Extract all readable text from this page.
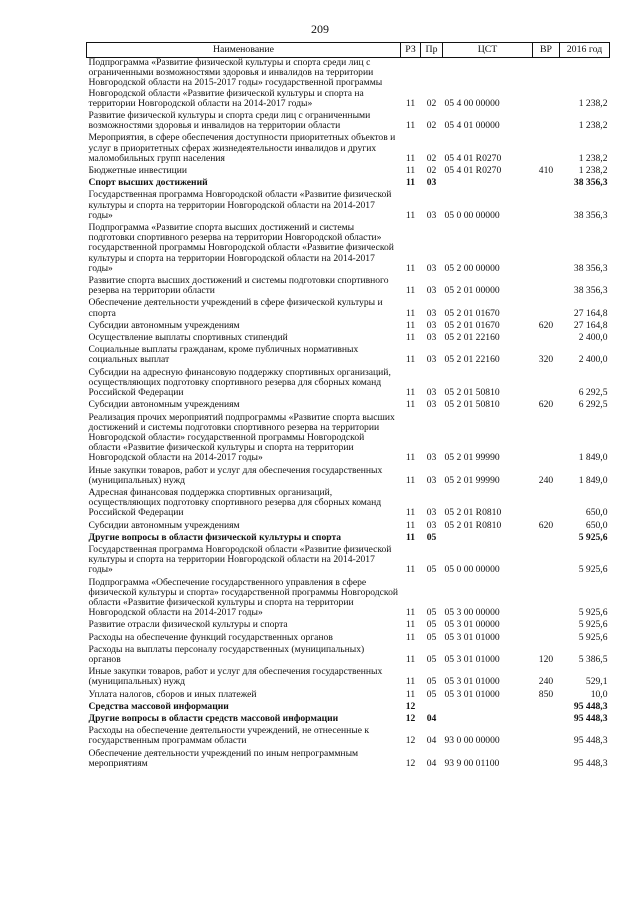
209
Наименование	РЗ	Пр	ЦСТ	ВР	2016 год
Подпрограмма «Развитие физической культуры и спорта среди лиц с ограниченными возможностями здоровья и инвалидов на территории Новгородской области на 2015-2017 годы» государственной программы Новгородской области «Развитие физической культуры и спорта на территории Новгородской области на 2014-2017 годы»	11	02	05 4 00 00000		1 238,2
Развитие физической культуры и спорта среди лиц с ограниченными возможностями здоровья и инвалидов на территории области	11	02	05 4 01 00000		1 238,2
Мероприятия, в сфере обеспечения доступности приоритетных объектов и услуг в приоритетных сферах жизнедеятельности инвалидов и других маломобильных групп населения	11	02	05 4 01 R0270		1 238,2
Бюджетные инвестиции	11	02	05 4 01 R0270	410	1 238,2
Спорт высших достижений	11	03			38 356,3
Государственная программа Новгородской области «Развитие физической культуры и спорта на территории Новгородской области на 2014-2017 годы»	11	03	05 0 00 00000		38 356,3
Подпрограмма «Развитие спорта высших достижений и системы подготовки спортивного резерва на территории Новгородской области» государственной программы Новгородской области «Развитие физической культуры и спорта на территории Новгородской области на 2014-2017 годы»	11	03	05 2 00 00000		38 356,3
Развитие спорта высших достижений и системы подготовки спортивного резерва на территории области	11	03	05 2 01 00000		38 356,3
Обеспечение деятельности учреждений в сфере физической культуры и спорта	11	03	05 2 01 01670		27 164,8
Субсидии автономным учреждениям	11	03	05 2 01 01670	620	27 164,8
Осуществление выплаты спортивных стипендий	11	03	05 2 01 22160		2 400,0
Социальные выплаты гражданам, кроме публичных нормативных социальных выплат	11	03	05 2 01 22160	320	2 400,0
Субсидии на адресную финансовую поддержку спортивных организаций, осуществляющих подготовку спортивного резерва для сборных команд Российской Федерации	11	03	05 2 01 50810		6 292,5
Субсидии автономным учреждениям	11	03	05 2 01 50810	620	6 292,5
Реализация прочих мероприятий подпрограммы «Развитие спорта высших достижений и системы подготовки спортивного резерва на территории Новгородской области» государственной программы Новгородской области «Развитие физической культуры и спорта на территории Новгородской области на 2014-2017 годы»	11	03	05 2 01 99990		1 849,0
Иные закупки товаров, работ и услуг для обеспечения государственных (муниципальных) нужд	11	03	05 2 01 99990	240	1 849,0
Адресная финансовая поддержка спортивных организаций, осуществляющих подготовку спортивного резерва для сборных команд Российской Федерации	11	03	05 2 01 R0810		650,0
Субсидии автономным учреждениям	11	03	05 2 01 R0810	620	650,0
Другие вопросы в области физической культуры и спорта	11	05			5 925,6
Государственная программа Новгородской области «Развитие физической культуры и спорта на территории Новгородской области на 2014-2017 годы»	11	05	05 0 00 00000		5 925,6
Подпрограмма «Обеспечение государственного управления в сфере физической культуры и спорта» государственной программы Новгородской области «Развитие физической культуры и спорта на территории Новгородской области на 2014-2017 годы»	11	05	05 3 00 00000		5 925,6
Развитие отрасли физической культуры и спорта	11	05	05 3 01 00000		5 925,6
Расходы на обеспечение функций государственных органов	11	05	05 3 01 01000		5 925,6
Расходы на выплаты персоналу государственных (муниципальных) органов	11	05	05 3 01 01000	120	5 386,5
Иные закупки товаров, работ и услуг для обеспечения государственных (муниципальных) нужд	11	05	05 3 01 01000	240	529,1
Уплата налогов, сборов и иных платежей	11	05	05 3 01 01000	850	10,0
Средства массовой информации	12				95 448,3
Другие вопросы в области средств массовой информации	12	04			95 448,3
Расходы на обеспечение деятельности учреждений, не отнесенные к государственным программам области	12	04	93 0 00 00000		95 448,3
Обеспечение деятельности учреждений по иным непрограммным мероприятиям	12	04	93 9 00 01100		95 448,3
